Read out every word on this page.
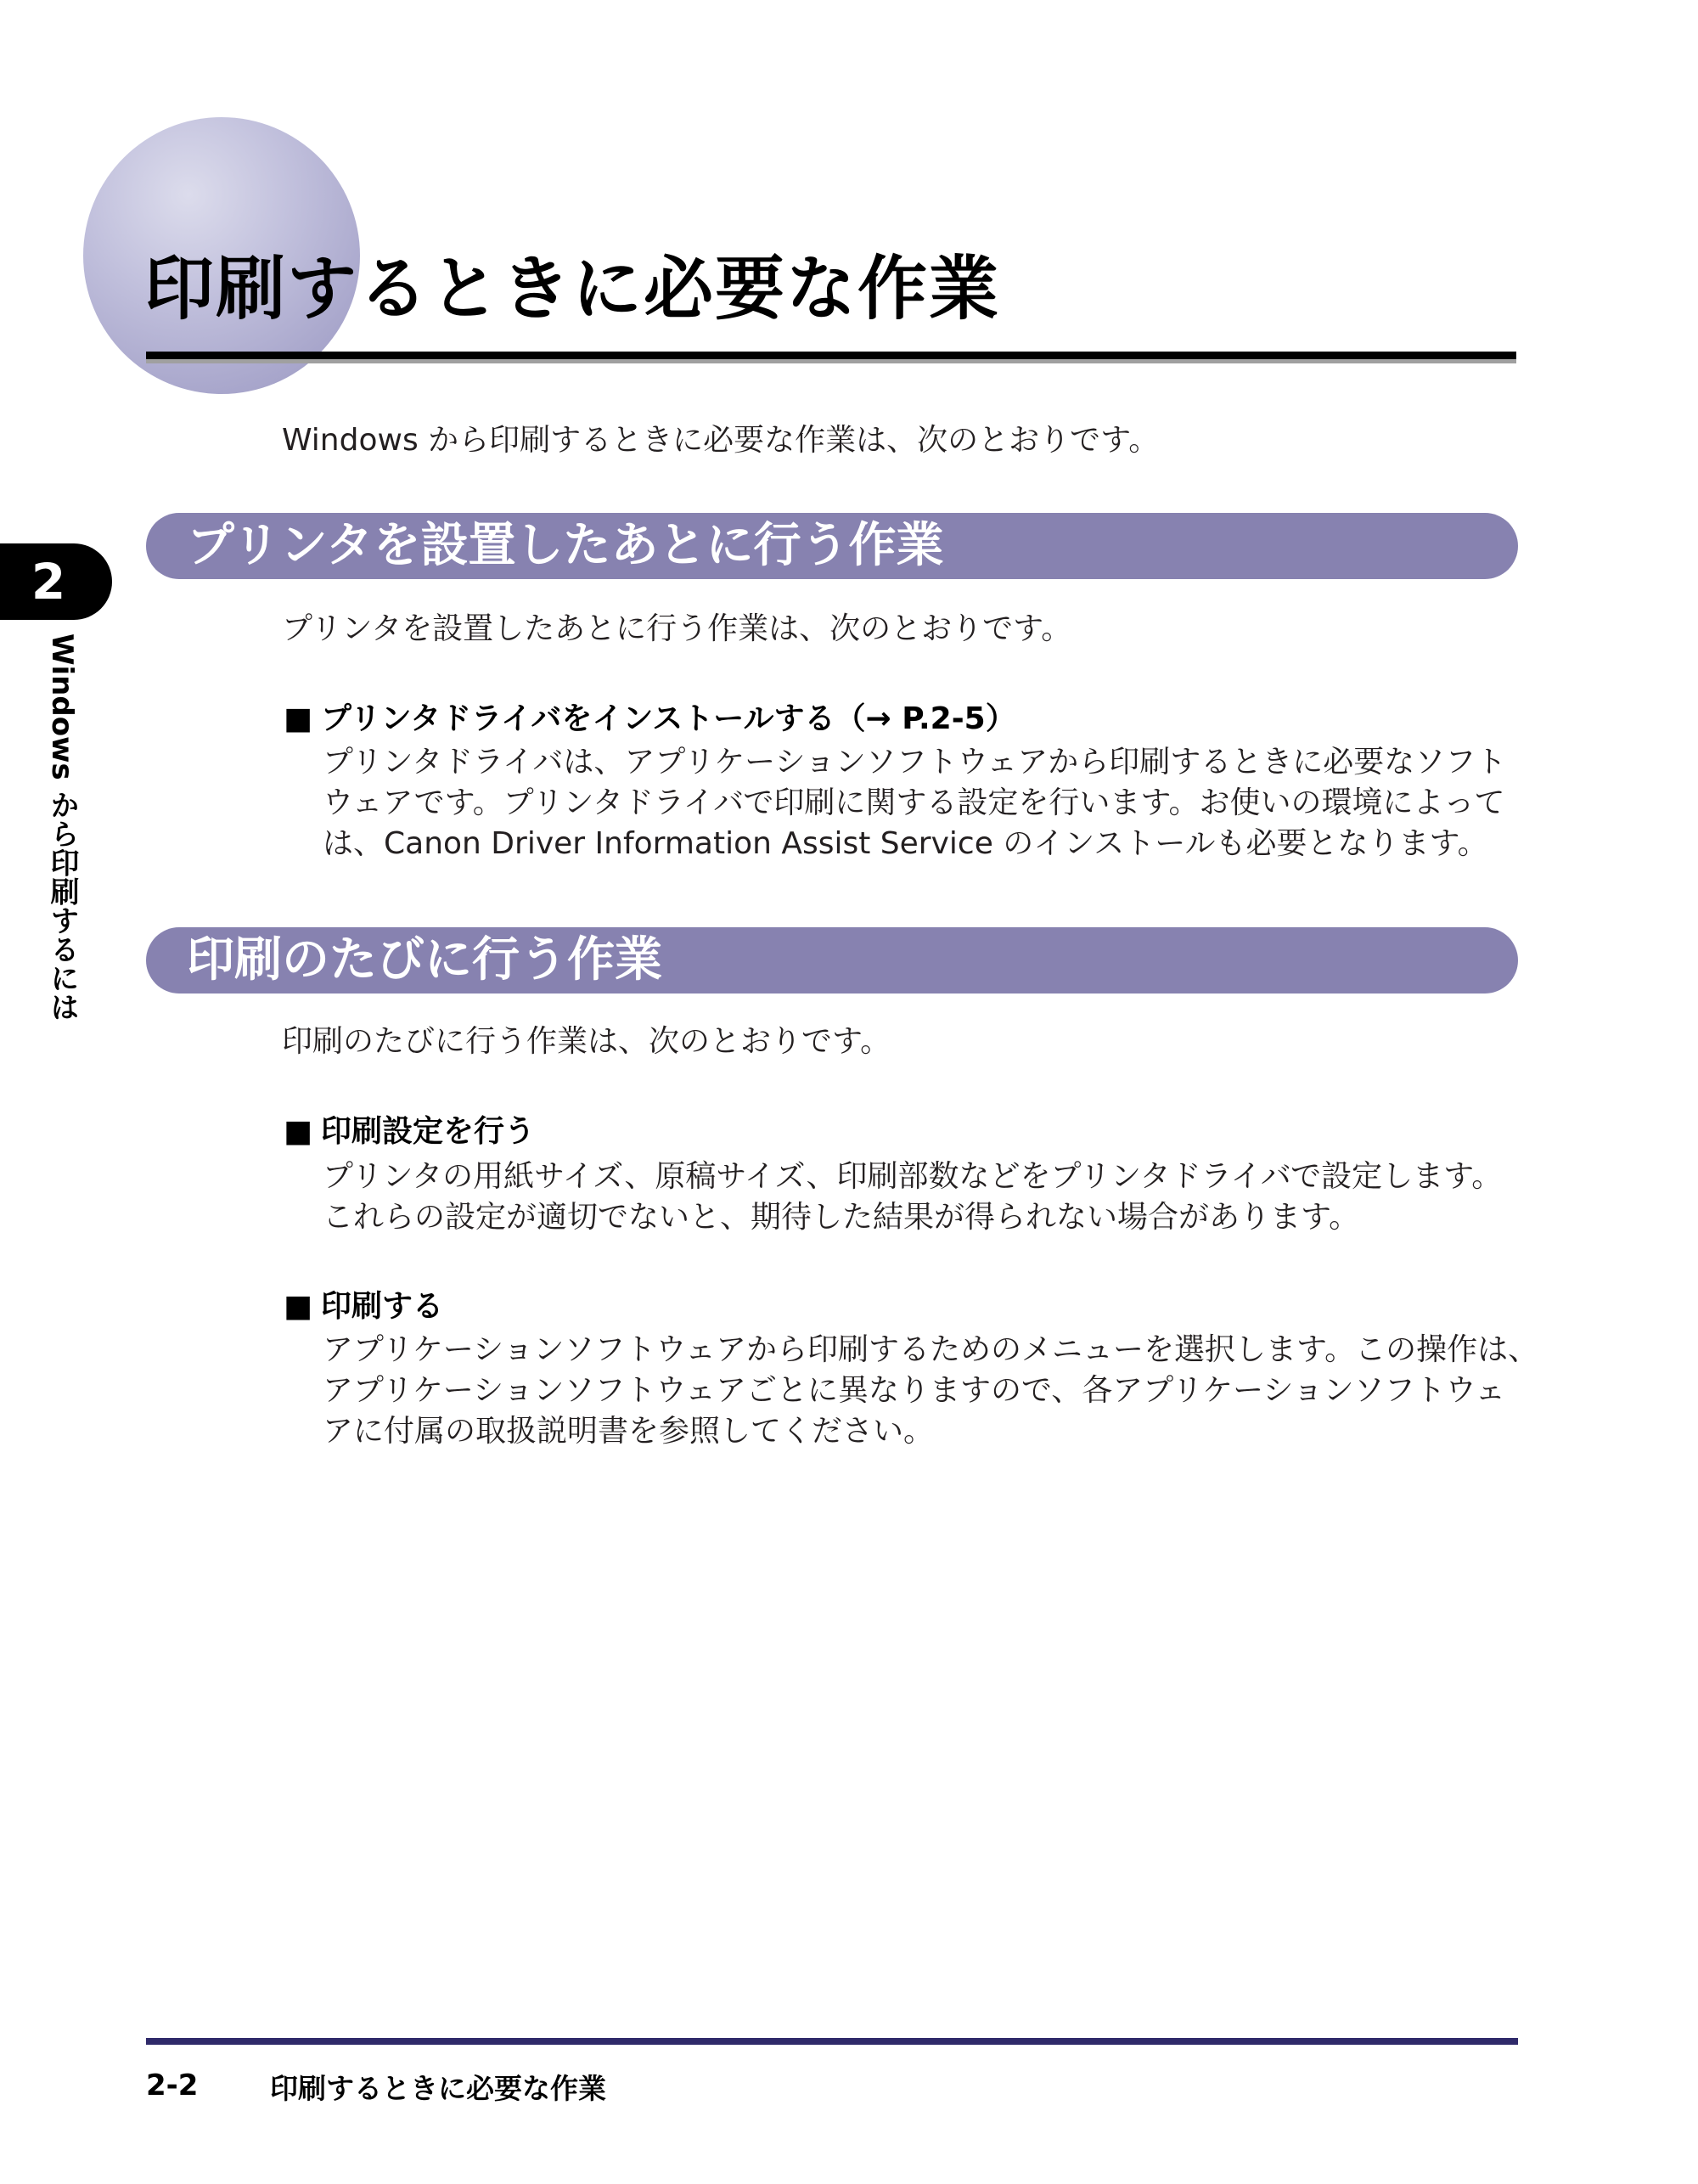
印刷するときに必要な作業

Windows から印刷するときに必要な作業は、次のとおりです。

2
Windows から印刷するには
プリンタを設置したあとに行う作業

プリンタを設置したあとに行う作業は、次のとおりです。

■ プリンタドライバをインストールする（→ P.2-5）

プリンタドライバは、アプリケーションソフトウェアから印刷するときに必要なソフト
ウェアです。プリンタドライバで印刷に関する設定を行います。お使いの環境によって
は、Canon Driver Information Assist Service のインストールも必要となります。
印刷のたびに行う作業

印刷のたびに行う作業は、次のとおりです。

■ 印刷設定を行う

プリンタの用紙サイズ、原稿サイズ、印刷部数などをプリンタドライバで設定します。
これらの設定が適切でないと、期待した結果が得られない場合があります。

■ 印刷する

アプリケーションソフトウェアから印刷するためのメニューを選択します。この操作は、
アプリケーションソフトウェアごとに異なりますので、各アプリケーションソフトウェ
アに付属の取扱説明書を参照してください。
2-2	印刷するときに必要な作業
